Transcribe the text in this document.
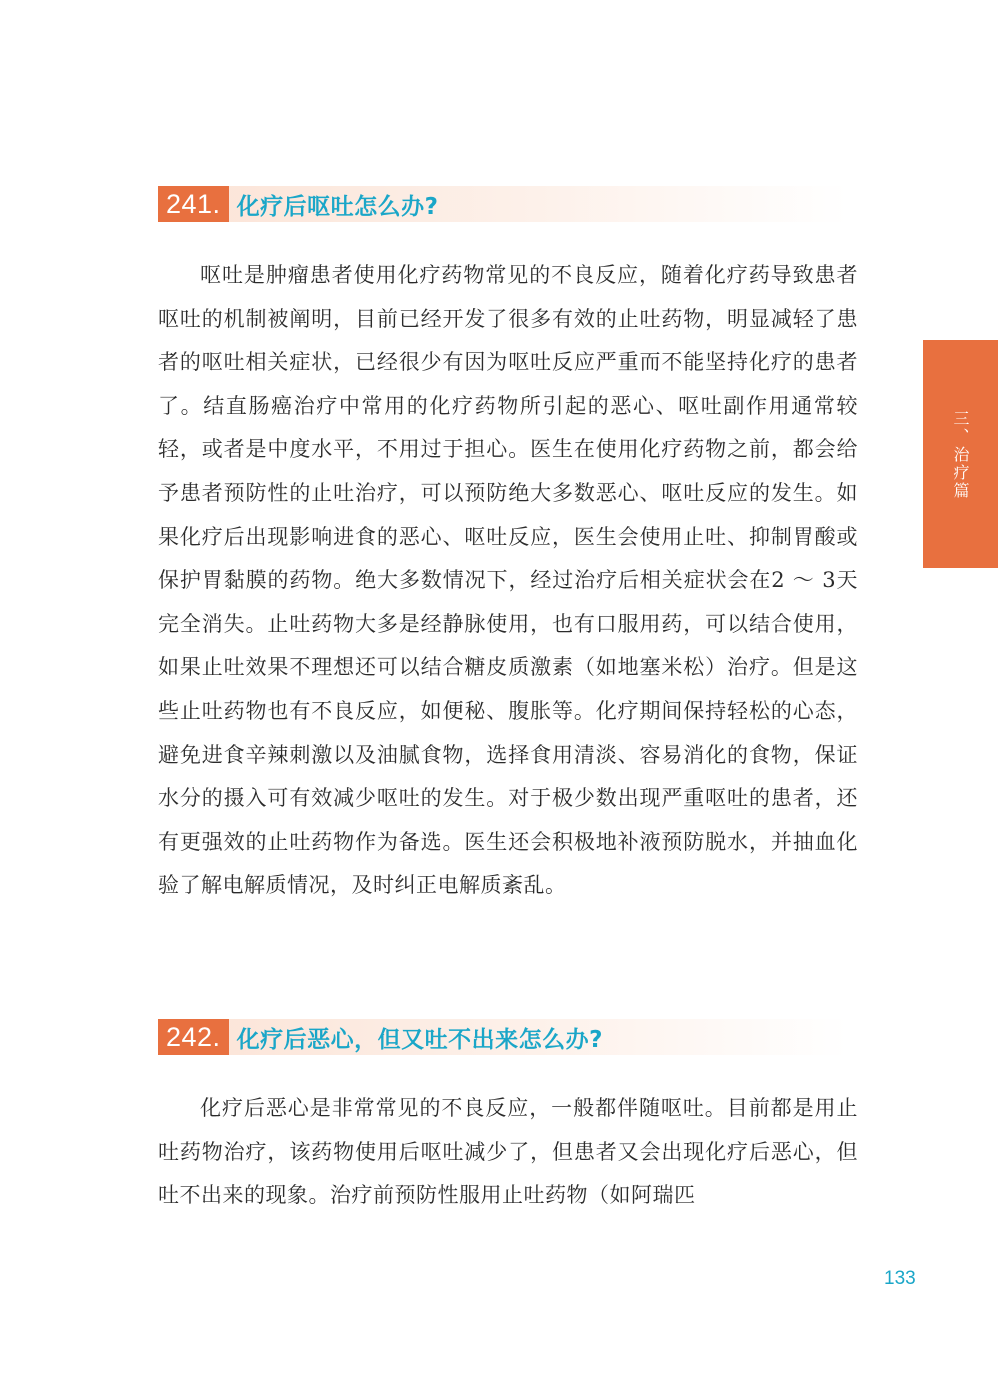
241. 化疗后呕吐怎么办?

呕吐是肿瘤患者使用化疗药物常见的不良反应，随着化疗药导致患者呕吐的机制被阐明，目前已经开发了很多有效的止吐药物，明显减轻了患者的呕吐相关症状，已经很少有因为呕吐反应严重而不能坚持化疗的患者了。结直肠癌治疗中常用的化疗药物所引起的恶心、呕吐副作用通常较轻，或者是中度水平，不用过于担心。医生在使用化疗药物之前，都会给予患者预防性的止吐治疗，可以预防绝大多数恶心、呕吐反应的发生。如果化疗后出现影响进食的恶心、呕吐反应，医生会使用止吐、抑制胃酸或保护胃黏膜的药物。绝大多数情况下，经过治疗后相关症状会在2 ～ 3天完全消失。止吐药物大多是经静脉使用，也有口服用药，可以结合使用，如果止吐效果不理想还可以结合糖皮质激素（如地塞米松）治疗。但是这些止吐药物也有不良反应，如便秘、腹胀等。化疗期间保持轻松的心态，避免进食辛辣刺激以及油腻食物，选择食用清淡、容易消化的食物，保证水分的摄入可有效减少呕吐的发生。对于极少数出现严重呕吐的患者，还有更强效的止吐药物作为备选。医生还会积极地补液预防脱水，并抽血化验了解电解质情况，及时纠正电解质紊乱。

242. 化疗后恶心，但又吐不出来怎么办?

化疗后恶心是非常常见的不良反应，一般都伴随呕吐。目前都是用止吐药物治疗，该药物使用后呕吐减少了，但患者又会出现化疗后恶心，但吐不出来的现象。治疗前预防性服用止吐药物（如阿瑞匹

三、治疗篇
133
